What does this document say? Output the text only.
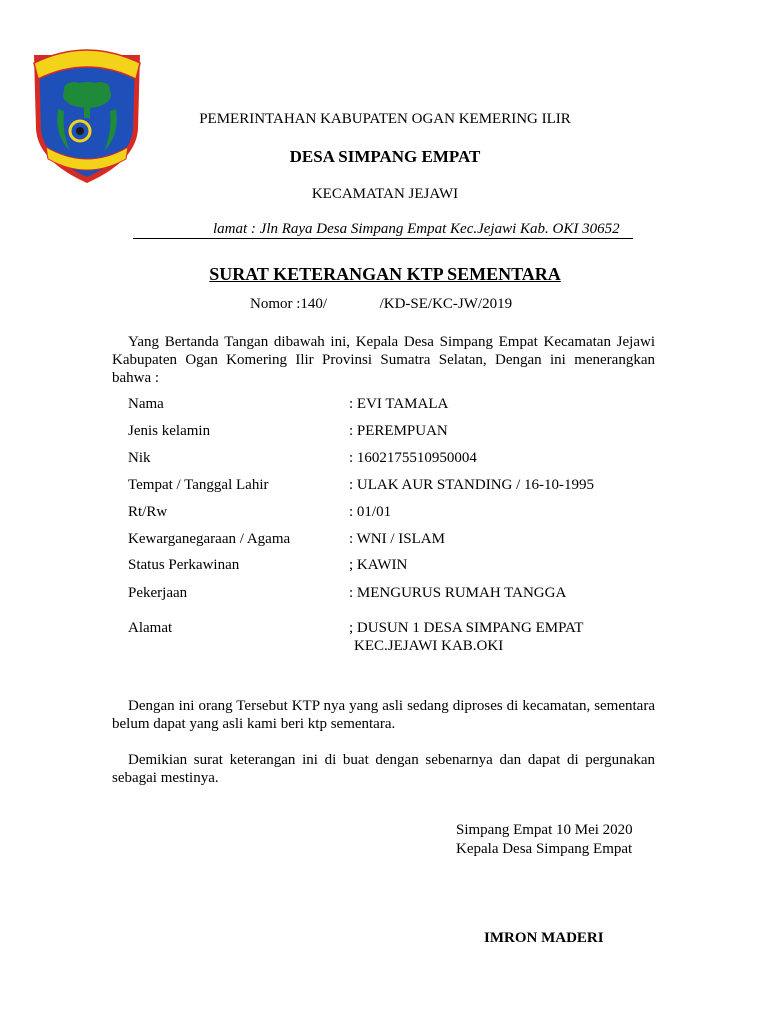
PEMERINTAHAN KABUPATEN OGAN KEMERING ILIR
DESA SIMPANG EMPAT
KECAMATAN JEJAWI
lamat : Jln Raya Desa Simpang Empat Kec.Jejawi Kab. OKI 30652
SURAT KETERANGAN KTP SEMENTARA
Nomor :140/              /KD-SE/KC-JW/2019
Yang Bertanda Tangan dibawah ini, Kepala Desa Simpang Empat Kecamatan Jejawi Kabupaten Ogan Komering Ilir Provinsi Sumatra Selatan, Dengan ini menerangkan bahwa :
Nama	: EVI TAMALA
Jenis kelamin	: PEREMPUAN
Nik	: 1602175510950004
Tempat / Tanggal Lahir	: ULAK AUR STANDING / 16-10-1995
Rt/Rw	: 01/01
Kewarganegaraan / Agama	: WNI / ISLAM
Status Perkawinan	; KAWIN
Pekerjaan	: MENGURUS RUMAH TANGGA
Alamat	; DUSUN 1 DESA SIMPANG EMPAT
KEC.JEJAWI KAB.OKI
Dengan ini orang Tersebut KTP nya yang asli sedang diproses di kecamatan, sementara belum dapat yang asli kami beri ktp sementara.
Demikian surat keterangan ini di buat dengan sebenarnya dan dapat di pergunakan sebagai mestinya.
Simpang Empat 10 Mei 2020
Kepala Desa Simpang Empat
IMRON MADERI
